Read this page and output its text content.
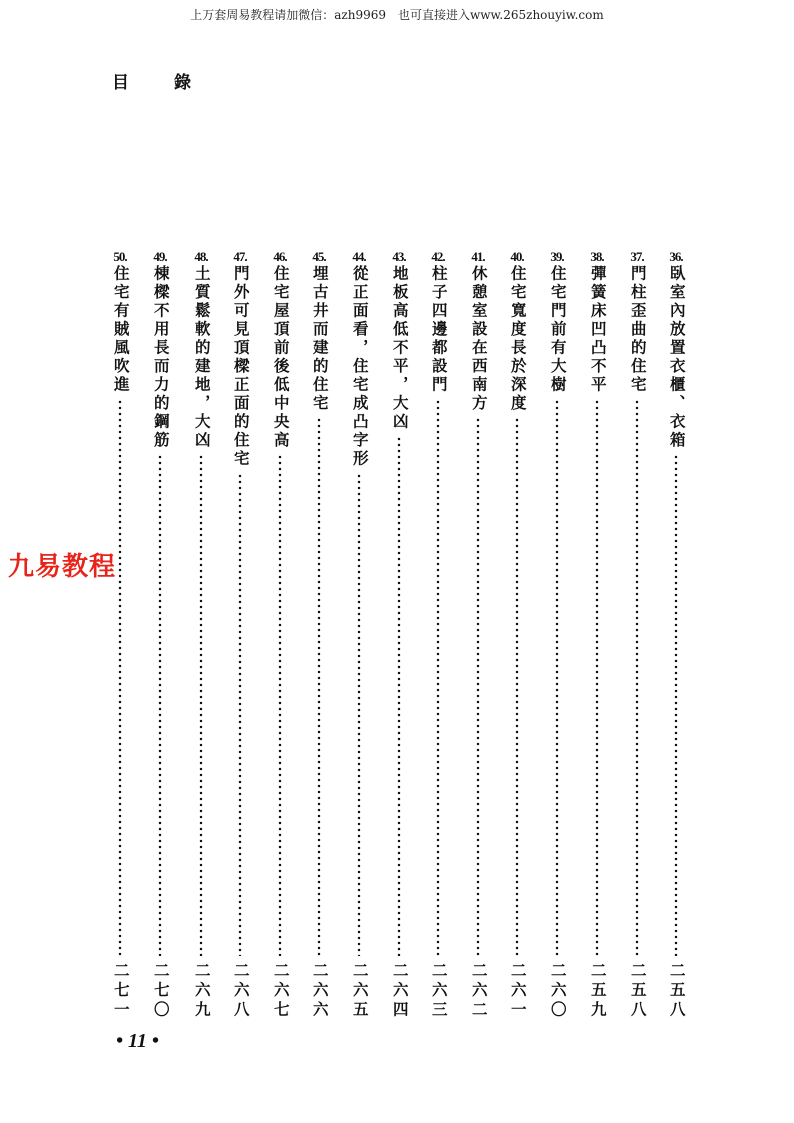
上万套周易教程请加微信：azh9969　也可直接进入www.265zhouyiw.com
目　錄
36.
臥室內放置衣櫃、衣箱
二五八
37.
門柱歪曲的住宅
二五八
38.
彈簧床凹凸不平
二五九
39.
住宅門前有大樹
二六〇
40.
住宅寬度長於深度
二六一
41.
休憩室設在西南方
二六二
42.
柱子四邊都設門
二六三
43.
地板高低不平，大凶
二六四
44.
從正面看，住宅成凸字形
二六五
45.
埋古井而建的住宅
二六六
46.
住宅屋頂前後低中央高
二六七
47.
門外可見頂樑正面的住宅
二六八
48.
土質鬆軟的建地，大凶
二六九
49.
棟樑不用長而力的鋼筋
二七〇
50.
住宅有賊風吹進
二七一
九易教程
• 11 •
